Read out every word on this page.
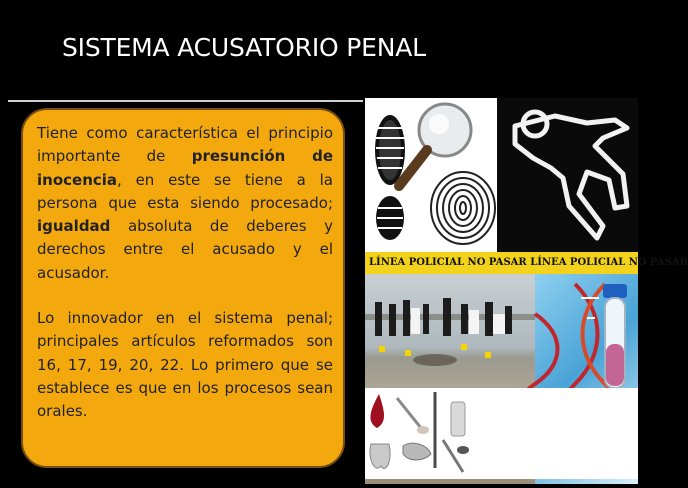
SISTEMA ACUSATORIO PENAL

Tiene como característica el principio importante de presunción de inocencia, en este se tiene a la persona que esta siendo procesado; igualdad absoluta de deberes y derechos entre el acusado y el acusador.

Lo innovador en el sistema penal; principales artículos reformados son 16, 17, 19, 20, 22. Lo primero que se establece es que en los procesos sean orales.

LÍNEA POLICIAL NO PASAR LÍNEA POLICIAL NO PASAR
